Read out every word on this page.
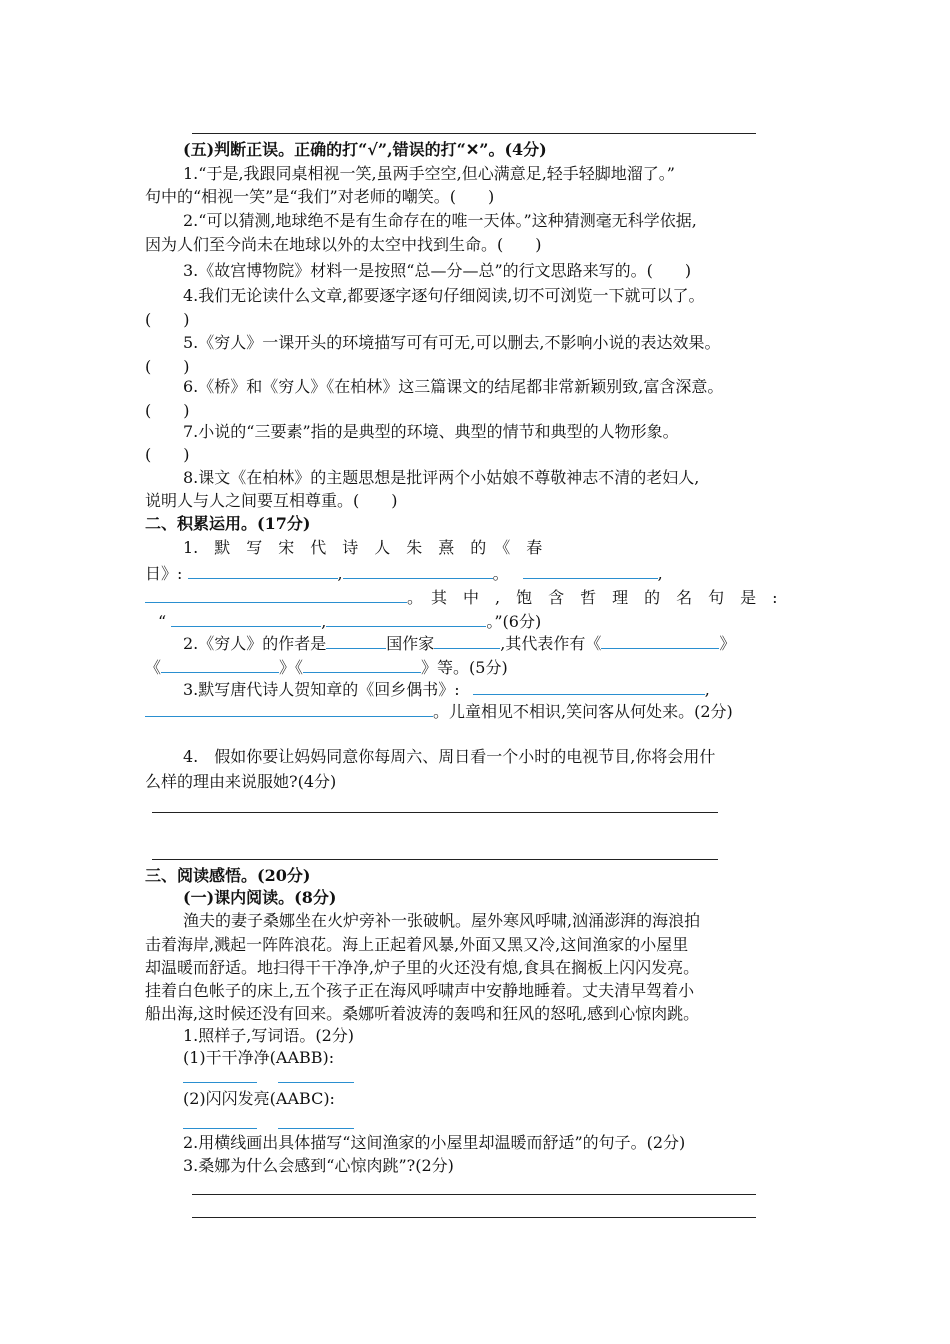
(五)判断正误。正确的打“√”,错误的打“✕”。(4分)
1.“于是,我跟同桌相视一笑,虽两手空空,但心满意足,轻手轻脚地溜了。”
句中的“相视一笑”是“我们”对老师的嘲笑。(　　)
2.“可以猜测,地球绝不是有生命存在的唯一天体。”这种猜测毫无科学依据,
因为人们至今尚未在地球以外的太空中找到生命。(　　)
3.《故宫博物院》材料一是按照“总—分—总”的行文思路来写的。(　　)
4.我们无论读什么文章,都要逐字逐句仔细阅读,切不可浏览一下就可以了。
(　　)
5.《穷人》一课开头的环境描写可有可无,可以删去,不影响小说的表达效果。
(　　)
6.《桥》和《穷人》《在柏林》这三篇课文的结尾都非常新颖别致,富含深意。
(　　)
7.小说的“三要素”指的是典型的环境、典型的情节和典型的人物形象。
(　　)
8.课文《在柏林》的主题思想是批评两个小姑娘不尊敬神志不清的老妇人,
说明人与人之间要互相尊重。(　　)
二、积累运用。(17分)
1.　默　写　宋　代　诗　人　朱　熹　的　《　春
日》:	,	。	,
。　其　中　,　饱　含　哲　理　的　名　句　是　:
“	,	。”(6分)
2.《穷人》的作者是	国作家	,其代表作有《	》
《	》《	》等。(5分)
3.默写唐代诗人贺知章的《回乡偶书》:	,
。儿童相见不相识,笑问客从何处来。(2分)
4.　假如你要让妈妈同意你每周六、周日看一个小时的电视节目,你将会用什
么样的理由来说服她?(4分)
三、阅读感悟。(20分)
(一)课内阅读。(8分)
渔夫的妻子桑娜坐在火炉旁补一张破帆。屋外寒风呼啸,汹涌澎湃的海浪拍
击着海岸,溅起一阵阵浪花。海上正起着风暴,外面又黑又冷,这间渔家的小屋里
却温暖而舒适。地扫得干干净净,炉子里的火还没有熄,食具在搁板上闪闪发亮。
挂着白色帐子的床上,五个孩子正在海风呼啸声中安静地睡着。丈夫清早驾着小
船出海,这时候还没有回来。桑娜听着波涛的轰鸣和狂风的怒吼,感到心惊肉跳。
1.照样子,写词语。(2分)
(1)干干净净(AABB):
(2)闪闪发亮(AABC):
2.用横线画出具体描写“这间渔家的小屋里却温暖而舒适”的句子。(2分)
3.桑娜为什么会感到“心惊肉跳”?(2分)
